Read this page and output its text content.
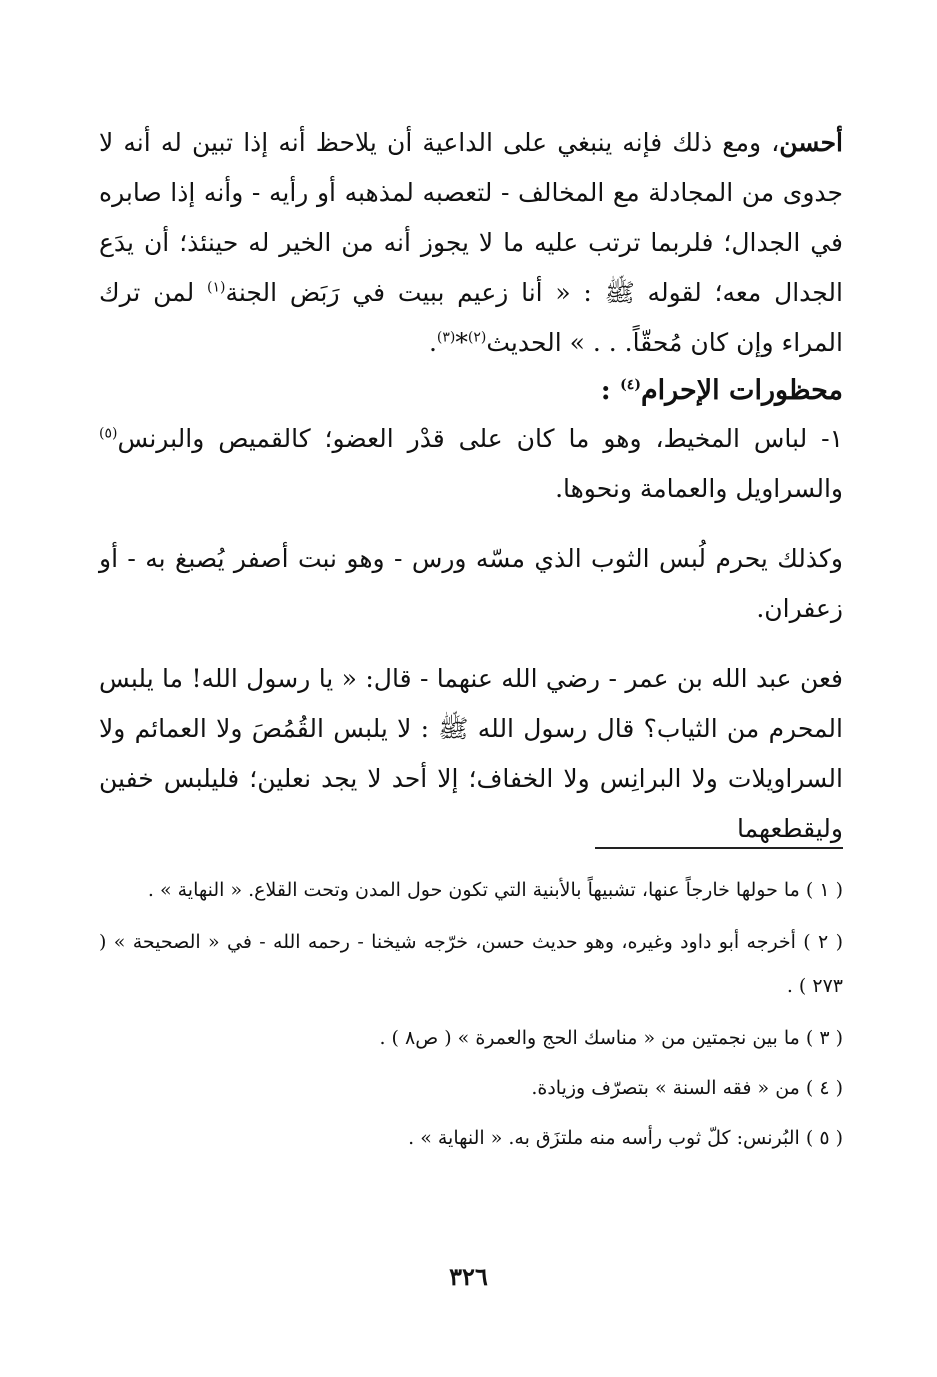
أحسن، ومع ذلك فإنه ينبغي على الداعية أن يلاحظ أنه إذا تبين له أنه لا جدوى من المجادلة مع المخالف - لتعصبه لمذهبه أو رأيه - وأنه إذا صابره في الجدال؛ فلربما ترتب عليه ما لا يجوز أنه من الخير له حينئذ؛ أن يدَع الجدال معه؛ لقوله ﷺ : « أنا زعيم ببيت في رَبَض الجنة$^{(١)}$ لمن ترك المراء وإن كان مُحقّاً. . . » الحديث$^{(٢)}$*$^{(٣)}$.

محظورات الإحرام$^{(٤)}$ :

١- لباس المخيط، وهو ما كان على قدْر العضو؛ كالقميص والبرنس$^{(٥)}$ والسراويل والعمامة ونحوها.

وكذلك يحرم لُبس الثوب الذي مسّه ورس - وهو نبت أصفر يُصبغ به - أو زعفران.

فعن عبد الله بن عمر - رضي الله عنهما - قال: « يا رسول الله! ما يلبس المحرم من الثياب؟ قال رسول الله ﷺ : لا يلبس القُمُصَ ولا العمائم ولا السراويلات ولا البرانِس ولا الخفاف؛ إلا أحد لا يجد نعلين؛ فليلبس خفين وليقطعهما

( ١ ) ما حولها خارجاً عنها، تشبيهاً بالأبنية التي تكون حول المدن وتحت القلاع. « النهاية » .

( ٢ ) أخرجه أبو داود وغيره، وهو حديث حسن، خرّجه شيخنا - رحمه الله - في « الصحيحة » ( ٢٧٣ ) .

( ٣ ) ما بين نجمتين من « مناسك الحج والعمرة » ( ص٨ ) .

( ٤ ) من « فقه السنة » بتصرّف وزيادة.

( ٥ ) البُرنس: كلّ ثوب رأسه منه ملتزَق به. « النهاية » .

٣٢٦
